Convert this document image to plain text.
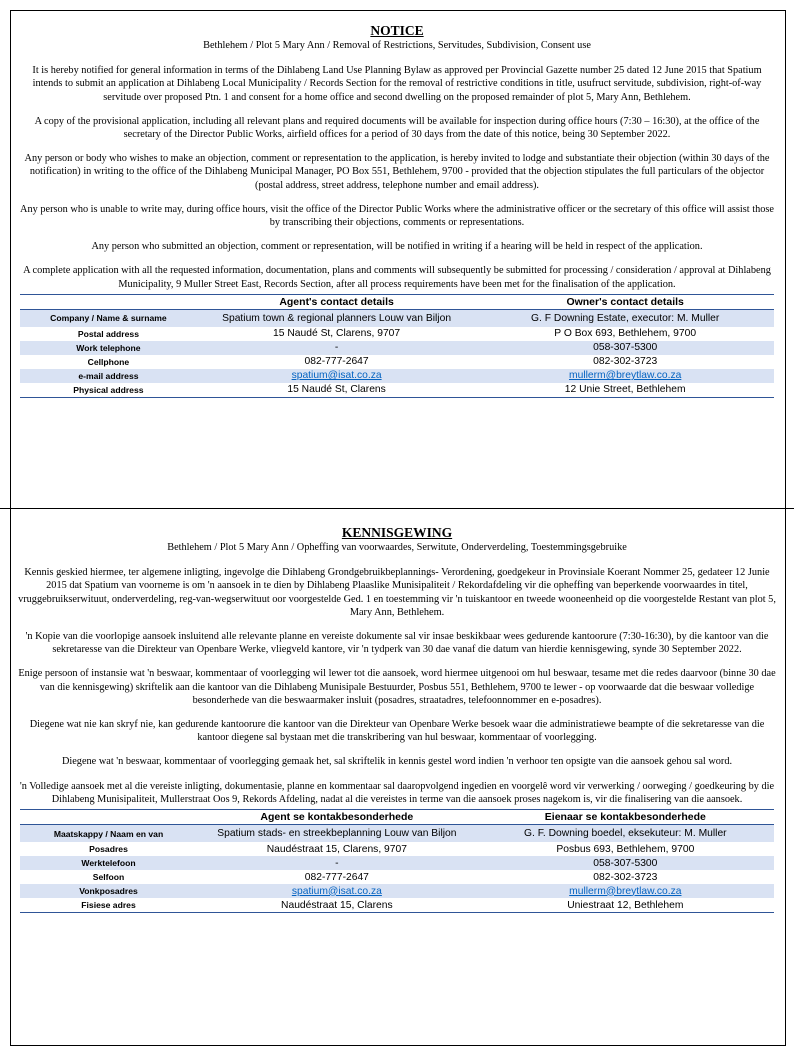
NOTICE

Bethlehem / Plot 5 Mary Ann / Removal of Restrictions, Servitudes, Subdivision, Consent use

It is hereby notified for general information in terms of the Dihlabeng Land Use Planning Bylaw as approved per Provincial Gazette number 25 dated 12 June 2015 that Spatium intends to submit an application at Dihlabeng Local Municipality / Records Section for the removal of restrictive conditions in title, usufruct servitude, subdivision, right-of-way servitude over proposed Ptn. 1 and consent for a home office and second dwelling on the proposed remainder of plot 5, Mary Ann, Bethlehem.

A copy of the provisional application, including all relevant plans and required documents will be available for inspection during office hours (7:30 – 16:30), at the office of the secretary of the Director Public Works, airfield offices for a period of 30 days from the date of this notice, being 30 September 2022.

Any person or body who wishes to make an objection, comment or representation to the application, is hereby invited to lodge and substantiate their objection (within 30 days of the notification) in writing to the office of the Dihlabeng Municipal Manager, PO Box 551, Bethlehem, 9700 - provided that the objection stipulates the full particulars of the objector (postal address, street address, telephone number and email address).

Any person who is unable to write may, during office hours, visit the office of the Director Public Works where the administrative officer or the secretary of this office will assist those by transcribing their objections, comments or representations.

Any person who submitted an objection, comment or representation, will be notified in writing if a hearing will be held in respect of the application.

A complete application with all the requested information, documentation, plans and comments will subsequently be submitted for processing / consideration / approval at Dihlabeng Municipality, 9 Muller Street East, Records Section, after all process requirements have been met for the finalisation of the application.

	Agent's contact details	Owner's contact details
Company / Name & surname	Spatium town & regional planners Louw van Biljon	G. F Downing Estate, executor: M. Muller

Postal address	15 Naudé St, Clarens, 9707	P O Box 693, Bethlehem, 9700
Work telephone	-	058-307-5300
Cellphone	082-777-2647	082-302-3723
e-mail address	spatium@isat.co.za	mullerm@breytlaw.co.za
Physical address	15 Naudé St, Clarens	12 Unie Street, Bethlehem

KENNISGEWING

Bethlehem / Plot 5 Mary Ann / Opheffing van voorwaardes, Serwitute, Onderverdeling, Toestemmingsgebruike

Kennis geskied hiermee, ter algemene inligting, ingevolge die Dihlabeng Grondgebruikbeplannings- Verordening, goedgekeur in Provinsiale Koerant Nommer 25, gedateer 12 Junie 2015 dat Spatium van voorneme is om 'n aansoek in te dien by Dihlabeng Plaaslike Munisipaliteit / Rekordafdeling vir die opheffing van beperkende voorwaardes in titel, vruggebruikserwituut, onderverdeling, reg-van-wegserwituut oor voorgestelde Ged. 1 en toestemming vir 'n tuiskantoor en tweede wooneenheid op die voorgestelde Restant van plot 5, Mary Ann, Bethlehem.

'n Kopie van die voorlopige aansoek insluitend alle relevante planne en vereiste dokumente sal vir insae beskikbaar wees gedurende kantoorure (7:30-16:30), by die kantoor van die sekretaresse van die Direkteur van Openbare Werke, vliegveld kantore, vir 'n tydperk van 30 dae vanaf die datum van hierdie kennisgewing, synde 30 September 2022.

Enige persoon of instansie wat 'n beswaar, kommentaar of voorlegging wil lewer tot die aansoek, word hiermee uitgenooi om hul beswaar, tesame met die redes daarvoor (binne 30 dae van die kennisgewing) skriftelik aan die kantoor van die Dihlabeng Munisipale Bestuurder, Posbus 551, Bethlehem, 9700 te lewer - op voorwaarde dat die beswaar volledige besonderhede van die beswaarmaker insluit (posadres, straatadres, telefoonnommer en e-posadres).

Diegene wat nie kan skryf nie, kan gedurende kantoorure die kantoor van die Direkteur van Openbare Werke besoek waar die administratiewe beampte of die sekretaresse van die kantoor diegene sal bystaan met die transkribering van hul beswaar, kommentaar of voorlegging.

Diegene wat 'n beswaar, kommentaar of voorlegging gemaak het, sal skriftelik in kennis gestel word indien 'n verhoor ten opsigte van die aansoek gehou sal word.

'n Volledige aansoek met al die vereiste inligting, dokumentasie, planne en kommentaar sal daaropvolgend ingedien en voorgelê word vir verwerking / oorweging / goedkeuring by die Dihlabeng Munisipaliteit, Mullerstraat Oos 9, Rekords Afdeling, nadat al die vereistes in terme van die aansoek proses nagekom is, vir die finalisering van die aansoek.

	Agent se kontakbesonderhede	Eienaar se kontakbesonderhede
Maatskappy / Naam en van	Spatium stads- en streekbeplanning Louw van Biljon	G. F. Downing boedel, eksekuteur: M. Muller

Posadres	Naudéstraat 15, Clarens, 9707	Posbus 693, Bethlehem, 9700
Werktelefoon	-	058-307-5300
Selfoon	082-777-2647	082-302-3723
Vonkposadres	spatium@isat.co.za	mullerm@breytlaw.co.za
Fisiese adres	Naudéstraat 15, Clarens	Uniestraat 12, Bethlehem
